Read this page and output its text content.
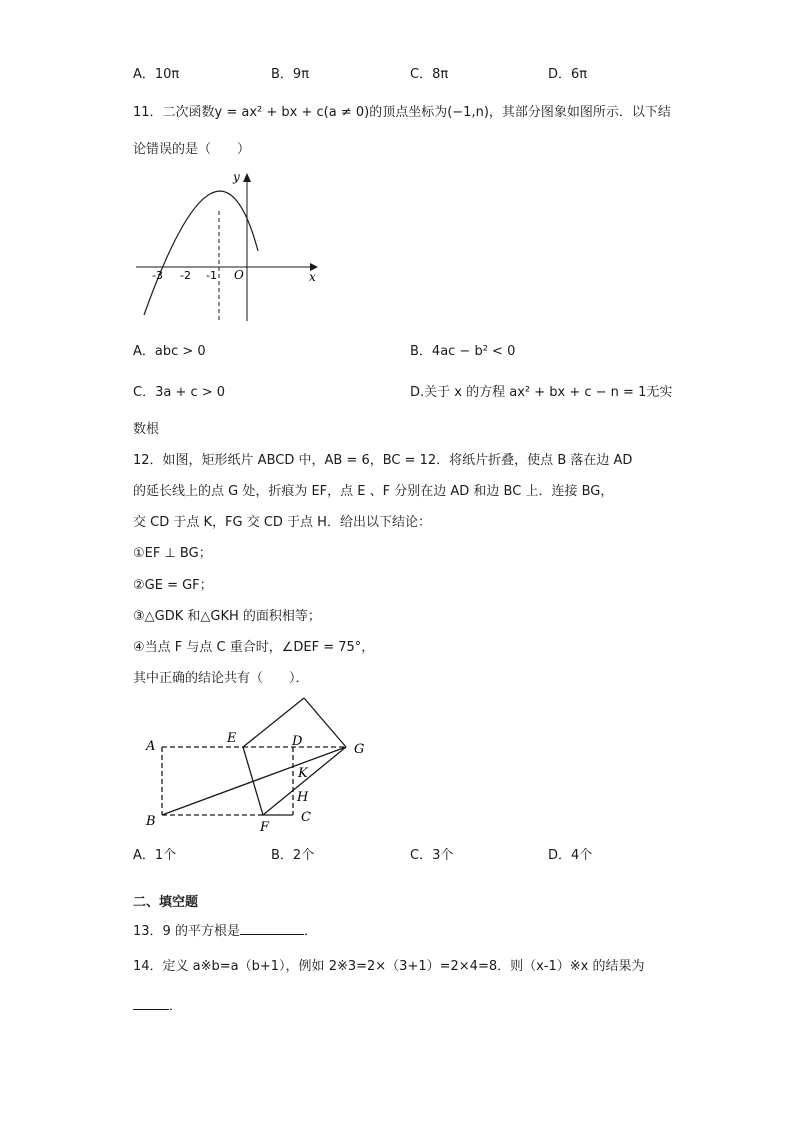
A．10π	B．9π	C．8π	D．6π
11．二次函数y = ax² + bx + c(a ≠ 0)的顶点坐标为(−1,n)，其部分图象如图所示．以下结
论错误的是（　　）
y
x
O
-3 -2 -1
A．abc > 0	B．4ac − b² < 0
C．3a + c > 0	D.关于 x 的方程 ax² + bx + c − n = 1无实
数根
12．如图，矩形纸片 ABCD 中，AB = 6，BC = 12．将纸片折叠，使点 B 落在边 AD
的延长线上的点 G 处，折痕为 EF，点 E 、F 分别在边 AD 和边 BC 上．连接 BG，
交 CD 于点 K，FG 交 CD 于点 H．给出以下结论：
①EF ⊥ BG；
②GE = GF；
③△GDK 和△GKH 的面积相等；
④当点 F 与点 C 重合时，∠DEF = 75°，
其中正确的结论共有（　　）．
A
B	C
D
E
F
G
H
K
A．1个	B．2个	C．3个	D．4个
二、填空题
13．9 的平方根是	．
14．定义 a※b=a（b+1），例如 2※3=2×（3+1）=2×4=8．则（x-1）※x 的结果为
．
